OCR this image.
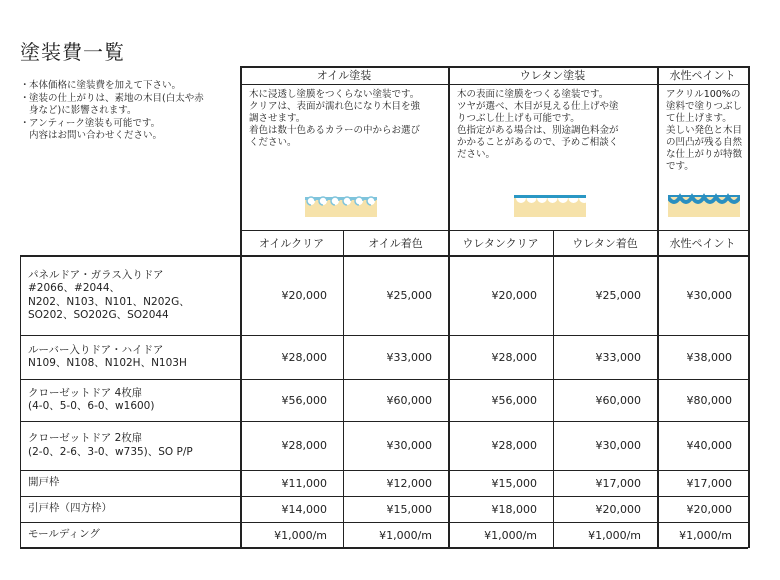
塗装費一覧
・ 本体価格に塗装費を加えて下さい。
・ 塗装の仕上がりは、素地の木目(白太や赤
身など)に影響されます。
・ アンティーク塗装も可能です。
内容はお問い合わせください。
オイル塗装
木に浸透し塗膜をつくらない塗装です。
クリアは、表面が濡れ色になり木目を強
調させます。
着色は数十色あるカラーの中からお選び
ください。
ウレタン塗装
木の表面に塗膜をつくる塗装です。
ツヤが選べ、木目が見える仕上げや塗
りつぶし仕上げも可能です。
色指定がある場合は、別途調色料金が
かかることがあるので、予めご相談く
ださい。
水性ペイント
アクリル100%の
塗料で塗りつぶし
て仕上げます。
美しい発色と木目
の凹凸が残る自然
な仕上がりが特徴
です。
オイルクリア	オイル着色	ウレタンクリア	ウレタン着色	水性ペイント
パネルドア・ガラス入りドア
#2066、#2044、
N202、N103、N101、N202G、
SO202、SO202G、SO2044
¥20,000	¥25,000	¥20,000	¥25,000	¥30,000
ルーバー入りドア・ハイドア
N109、N108、N102H、N103H	¥28,000	¥33,000	¥28,000	¥33,000	¥38,000
クローゼットドア 4枚扉
(4-0、5-0、6-0、w1600)	¥56,000	¥60,000	¥56,000	¥60,000	¥80,000
クローゼットドア 2枚扉
(2-0、2-6、3-0、w735)、SO P/P	¥28,000	¥30,000	¥28,000	¥30,000	¥40,000
開戸枠	¥11,000	¥12,000	¥15,000	¥17,000	¥17,000
引戸枠（四方枠）	¥14,000	¥15,000	¥18,000	¥20,000	¥20,000
モールディング	¥1,000/m	¥1,000/m	¥1,000/m	¥1,000/m	¥1,000/m
